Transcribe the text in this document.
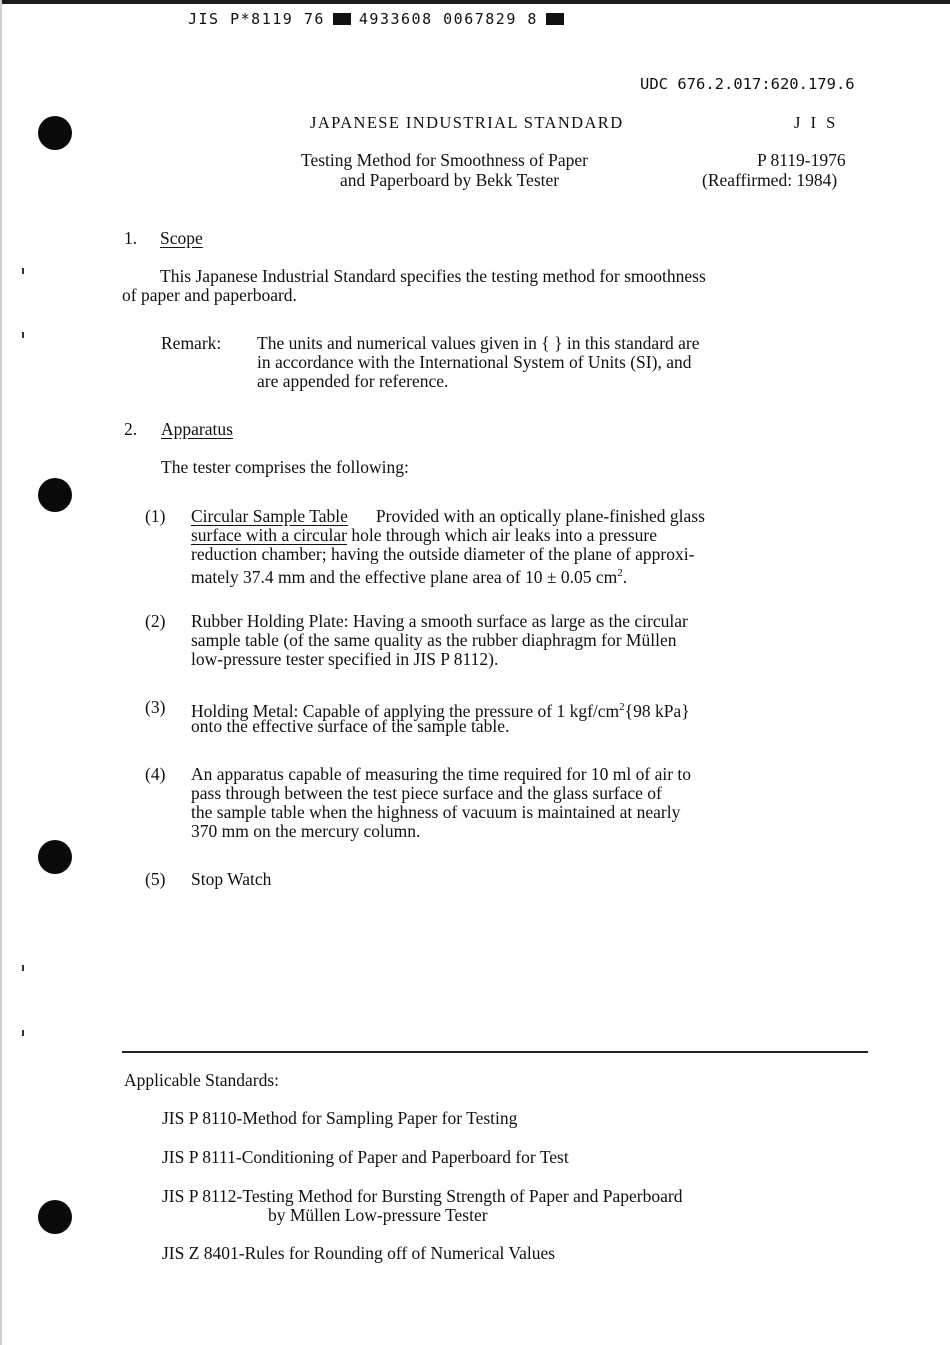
JIS P*8119 76 4933608 0067829 8
UDC 676.2.017:620.179.6
JAPANESE INDUSTRIAL STANDARD	J I S
Testing Method for Smoothness of Paper
and Paperboard by Bekk Tester
P 8119-1976
(Reaffirmed: 1984)
1. Scope
This Japanese Industrial Standard specifies the testing method for smoothness
of paper and paperboard.
Remark: The units and numerical values given in { } in this standard are
in accordance with the International System of Units (SI), and
are appended for reference.
2. Apparatus
The tester comprises the following:
(1) Circular Sample Table Provided with an optically plane-finished glass
surface with a circular hole through which air leaks into a pressure
reduction chamber; having the outside diameter of the plane of approxi-
mately 37.4 mm and the effective plane area of 10 ± 0.05 $cm^2$.
(2) Rubber Holding Plate: Having a smooth surface as large as the circular
sample table (of the same quality as the rubber diaphragm for Müllen
low-pressure tester specified in JIS P 8112).
(3) Holding Metal: Capable of applying the pressure of 1 kgf/$cm^2\{98$ kPa}
onto the effective surface of the sample table.
(4) An apparatus capable of measuring the time required for 10 ml of air to
pass through between the test piece surface and the glass surface of
the sample table when the highness of vacuum is maintained at nearly
370 mm on the mercury column.
(5) Stop Watch
Applicable Standards:
JIS P 8110-Method for Sampling Paper for Testing
JIS P 8111-Conditioning of Paper and Paperboard for Test
JIS P 8112-Testing Method for Bursting Strength of Paper and Paperboard
by Müllen Low-pressure Tester
JIS Z 8401-Rules for Rounding off of Numerical Values
